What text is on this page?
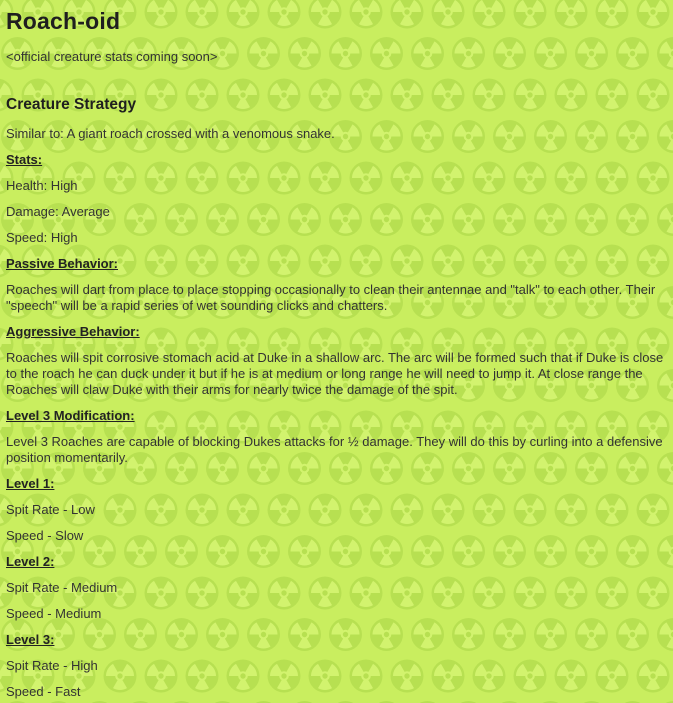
Roach-oid

<official creature stats coming soon>

Creature Strategy

Similar to: A giant roach crossed with a venomous snake.

Stats:

Health: High

Damage: Average

Speed: High

Passive Behavior:

Roaches will dart from place to place stopping occasionally to clean their antennae and "talk" to each other. Their "speech" will be a rapid series of wet sounding clicks and chatters.

Aggressive Behavior:

Roaches will spit corrosive stomach acid at Duke in a shallow arc. The arc will be formed such that if Duke is close to the roach he can duck under it but if he is at medium or long range he will need to jump it. At close range the Roaches will claw Duke with their arms for nearly twice the damage of the spit.

Level 3 Modification:

Level 3 Roaches are capable of blocking Dukes attacks for ½ damage. They will do this by curling into a defensive position momentarily.

Level 1:

Spit Rate - Low

Speed - Slow

Level 2:

Spit Rate - Medium

Speed - Medium

Level 3:

Spit Rate - High

Speed - Fast
